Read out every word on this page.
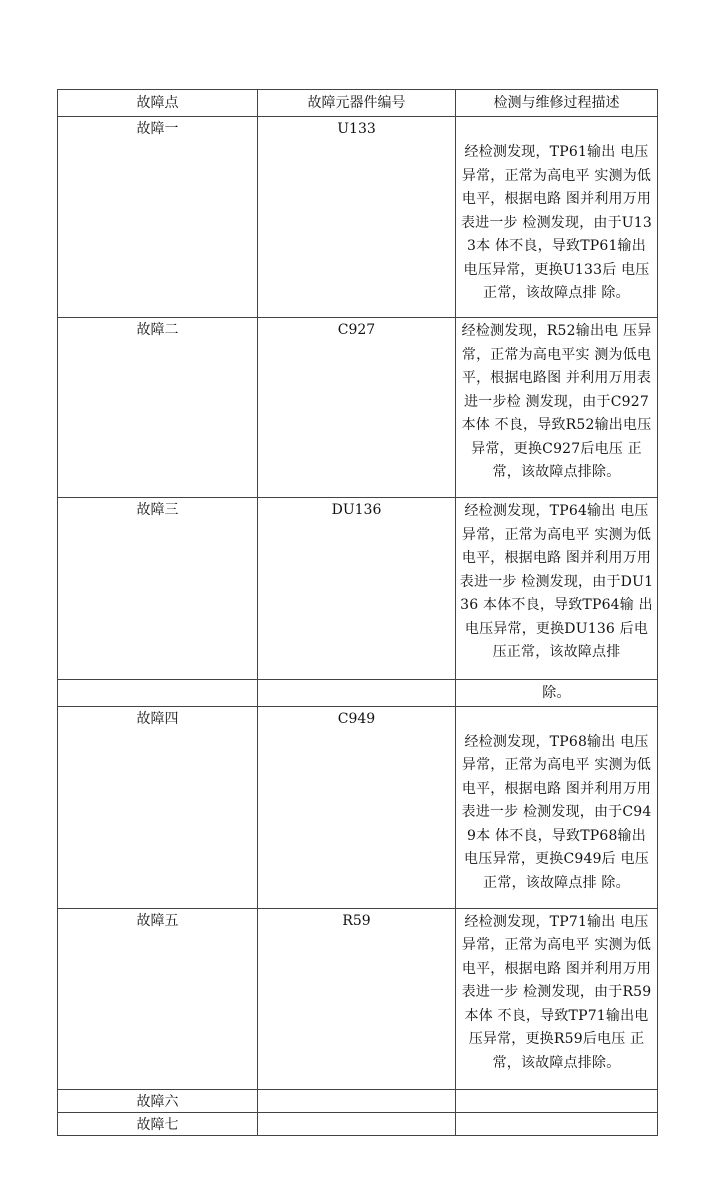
故障点	故障元器件编号	检测与维修过程描述
故障一	U133	经检测发现，TP61输出 电压异常，正常为高电平 实测为低电平，根据电路 图并利用万用表进一步 检测发现，由于U133本 体不良，导致TP61输出 电压异常，更换U133后 电压正常，该故障点排 除。
故障二	C927	经检测发现，R52输出电 压异常，正常为高电平实 测为低电平，根据电路图 并利用万用表进一步检 测发现，由于C927本体 不良，导致R52输出电压 异常，更换C927后电压 正常，该故障点排除。
故障三	DU136	经检测发现，TP64输出 电压异常，正常为高电平 实测为低电平，根据电路 图并利用万用表进一步 检测发现，由于DU136 本体不良，导致TP64输 出电压异常，更换DU136 后电压正常，该故障点排
		除。
故障四	C949	经检测发现，TP68输出 电压异常，正常为高电平 实测为低电平，根据电路 图并利用万用表进一步 检测发现，由于C949本 体不良，导致TP68输出 电压异常，更换C949后 电压正常，该故障点排 除。
故障五	R59	经检测发现，TP71输出 电压异常，正常为高电平 实测为低电平，根据电路 图并利用万用表进一步 检测发现，由于R59本体 不良，导致TP71输出电 压异常，更换R59后电压 正常，该故障点排除。
故障六		
故障七		
